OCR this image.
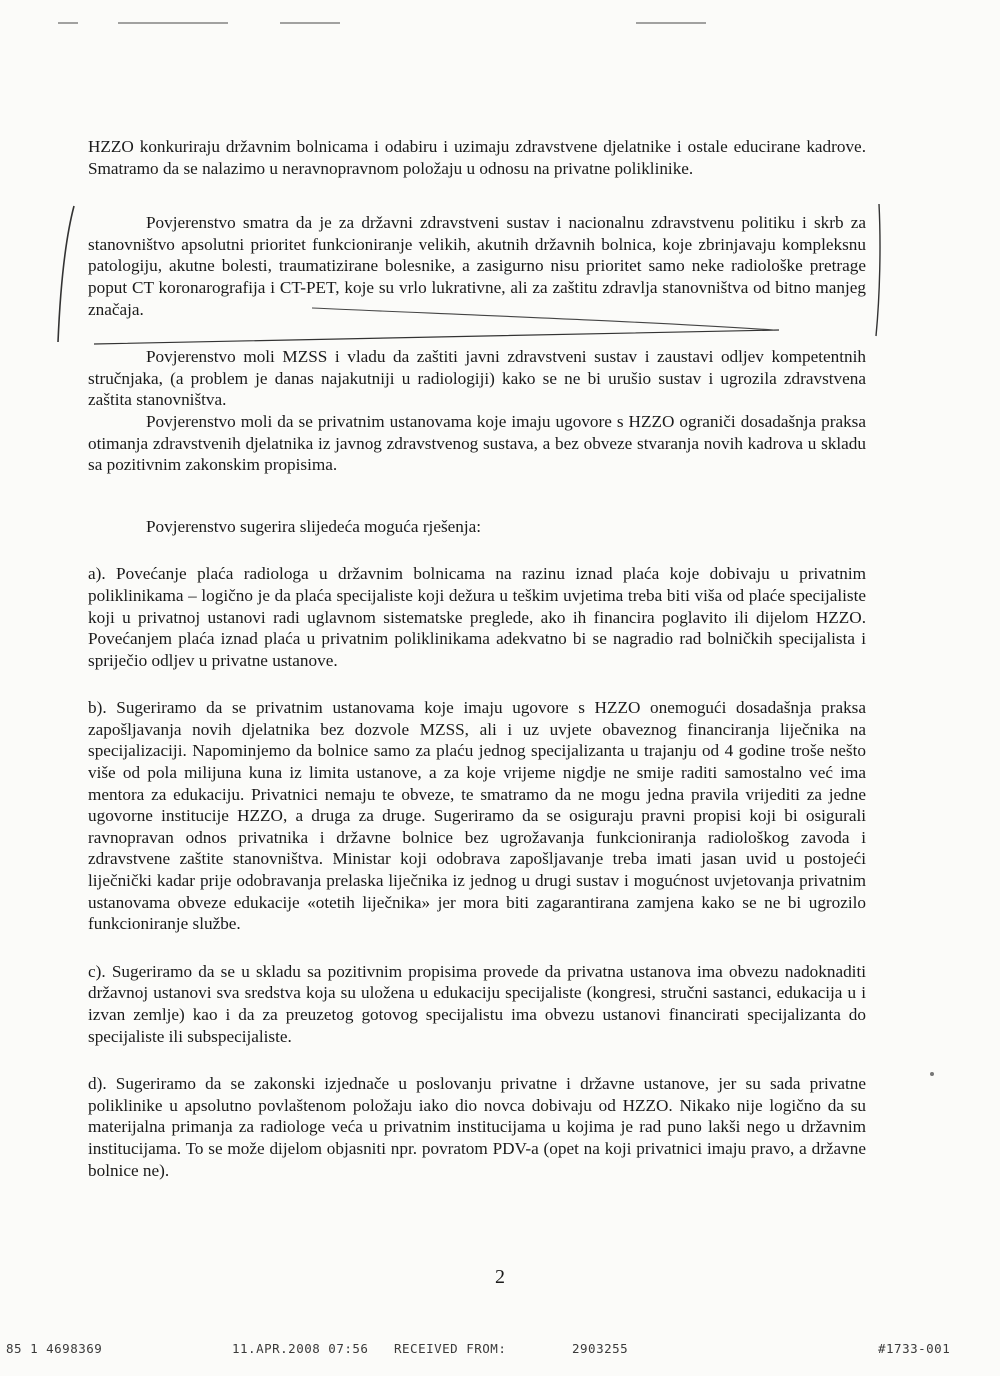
HZZO konkuriraju državnim bolnicama i odabiru i uzimaju zdravstvene djelatnike i ostale educirane kadrove. Smatramo da se nalazimo u neravnopravnom položaju u odnosu na privatne poliklinike.

Povjerenstvo smatra da je za državni zdravstveni sustav i nacionalnu zdravstvenu politiku i skrb za stanovništvo apsolutni prioritet funkcioniranje velikih, akutnih državnih bolnica, koje zbrinjavaju kompleksnu patologiju, akutne bolesti, traumatizirane bolesnike, a zasigurno nisu prioritet samo neke radiološke pretrage poput CT koronarografija i CT-PET, koje su vrlo lukrativne, ali za zaštitu zdravlja stanovništva od bitno manjeg značaja.

Povjerenstvo moli MZSS i vladu da zaštiti javni zdravstveni sustav i zaustavi odljev kompetentnih stručnjaka, (a problem je danas najakutniji u radiologiji) kako se ne bi urušio sustav i ugrozila zdravstvena zaštita stanovništva.

Povjerenstvo moli da se privatnim ustanovama koje imaju ugovore s HZZO ograniči dosadašnja praksa otimanja zdravstvenih djelatnika iz javnog zdravstvenog sustava, a bez obveze stvaranja novih kadrova u skladu sa pozitivnim zakonskim propisima.

Povjerenstvo sugerira slijedeća moguća rješenja:

a). Povećanje plaća radiologa u državnim bolnicama na razinu iznad plaća koje dobivaju u privatnim poliklinikama – logično je da plaća specijaliste koji dežura u teškim uvjetima treba biti viša od plaće specijaliste koji u privatnoj ustanovi radi uglavnom sistematske preglede, ako ih financira poglavito ili dijelom HZZO. Povećanjem plaća iznad plaća u privatnim poliklinikama adekvatno bi se nagradio rad bolničkih specijalista i spriječio odljev u privatne ustanove.

b). Sugeriramo da se privatnim ustanovama koje imaju ugovore s HZZO onemogući dosadašnja praksa zapošljavanja novih djelatnika bez dozvole MZSS, ali i uz uvjete obaveznog financiranja liječnika na specijalizaciji. Napominjemo da bolnice samo za plaću jednog specijalizanta u trajanju od 4 godine troše nešto više od pola milijuna kuna iz limita ustanove, a za koje vrijeme nigdje ne smije raditi samostalno već ima mentora za edukaciju. Privatnici nemaju te obveze, te smatramo da ne mogu jedna pravila vrijediti za jedne ugovorne institucije HZZO, a druga za druge. Sugeriramo da se osiguraju pravni propisi koji bi osigurali ravnopravan odnos privatnika i državne bolnice bez ugrožavanja funkcioniranja radiološkog zavoda i zdravstvene zaštite stanovništva. Ministar koji odobrava zapošljavanje treba imati jasan uvid u postojeći liječnički kadar prije odobravanja prelaska liječnika iz jednog u drugi sustav i mogućnost uvjetovanja privatnim ustanovama obveze edukacije «otetih liječnika» jer mora biti zagarantirana zamjena kako se ne bi ugrozilo funkcioniranje službe.

c). Sugeriramo da se u skladu sa pozitivnim propisima provede da privatna ustanova ima obvezu nadoknaditi državnoj ustanovi sva sredstva koja su uložena u edukaciju specijaliste (kongresi, stručni sastanci, edukacija u i izvan zemlje) kao i da za preuzetog gotovog specijalistu ima obvezu ustanovi financirati specijalizanta do specijaliste ili subspecijaliste.

d). Sugeriramo da se zakonski izjednače u poslovanju privatne i državne ustanove, jer su sada privatne poliklinike u apsolutno povlaštenom položaju iako dio novca dobivaju od HZZO. Nikako nije logično da su materijalna primanja za radiologe veća u privatnim institucijama u kojima je rad puno lakši nego u državnim institucijama. To se može dijelom objasniti npr. povratom PDV-a (opet na koji privatnici imaju pravo, a državne bolnice ne).

2
85 1 4698369	11.APR.2008 07:56 RECEIVED FROM:	2903255	#1733-001
